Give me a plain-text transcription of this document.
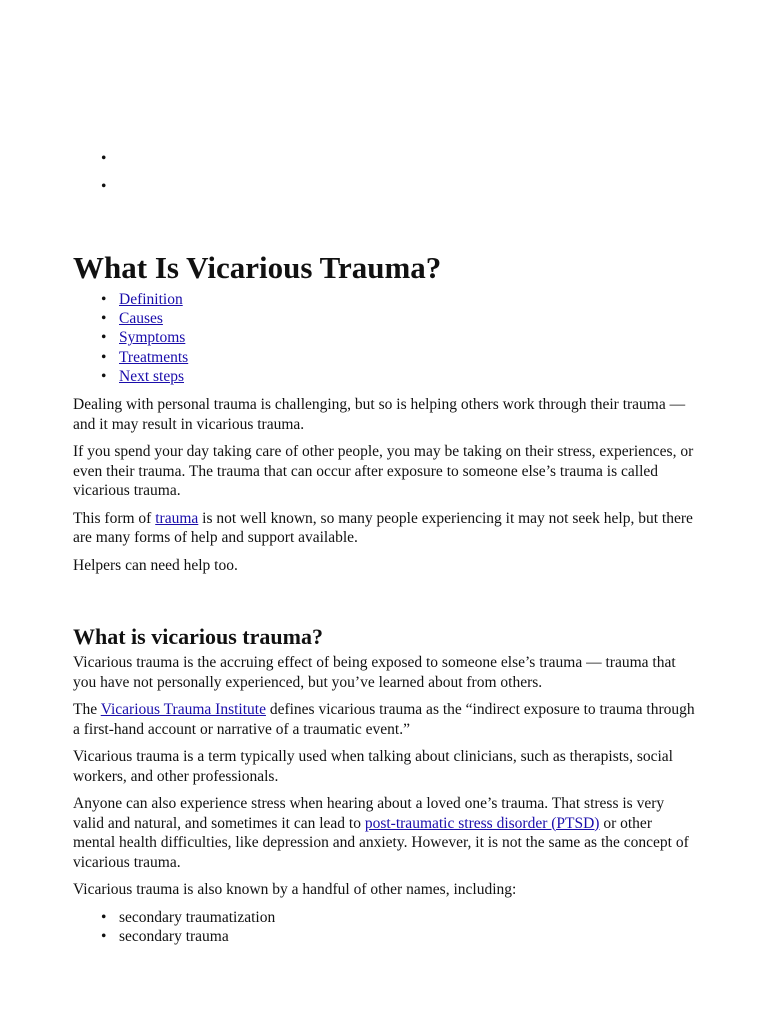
What Is Vicarious Trauma?
• Definition
• Causes
• Symptoms
• Treatments
• Next steps

Dealing with personal trauma is challenging, but so is helping others work through their trauma — and it may result in vicarious trauma.

If you spend your day taking care of other people, you may be taking on their stress, experiences, or even their trauma. The trauma that can occur after exposure to someone else’s trauma is called vicarious trauma.

This form of trauma is not well known, so many people experiencing it may not seek help, but there are many forms of help and support available.

Helpers can need help too.

What is vicarious trauma?

Vicarious trauma is the accruing effect of being exposed to someone else’s trauma — trauma that you have not personally experienced, but you’ve learned about from others.

The Vicarious Trauma Institute defines vicarious trauma as the “indirect exposure to trauma through a first-hand account or narrative of a traumatic event.”

Vicarious trauma is a term typically used when talking about clinicians, such as therapists, social workers, and other professionals.

Anyone can also experience stress when hearing about a loved one’s trauma. That stress is very valid and natural, and sometimes it can lead to post-traumatic stress disorder (PTSD) or other mental health difficulties, like depression and anxiety. However, it is not the same as the concept of vicarious trauma.

Vicarious trauma is also known by a handful of other names, including:

• secondary traumatization
• secondary trauma
